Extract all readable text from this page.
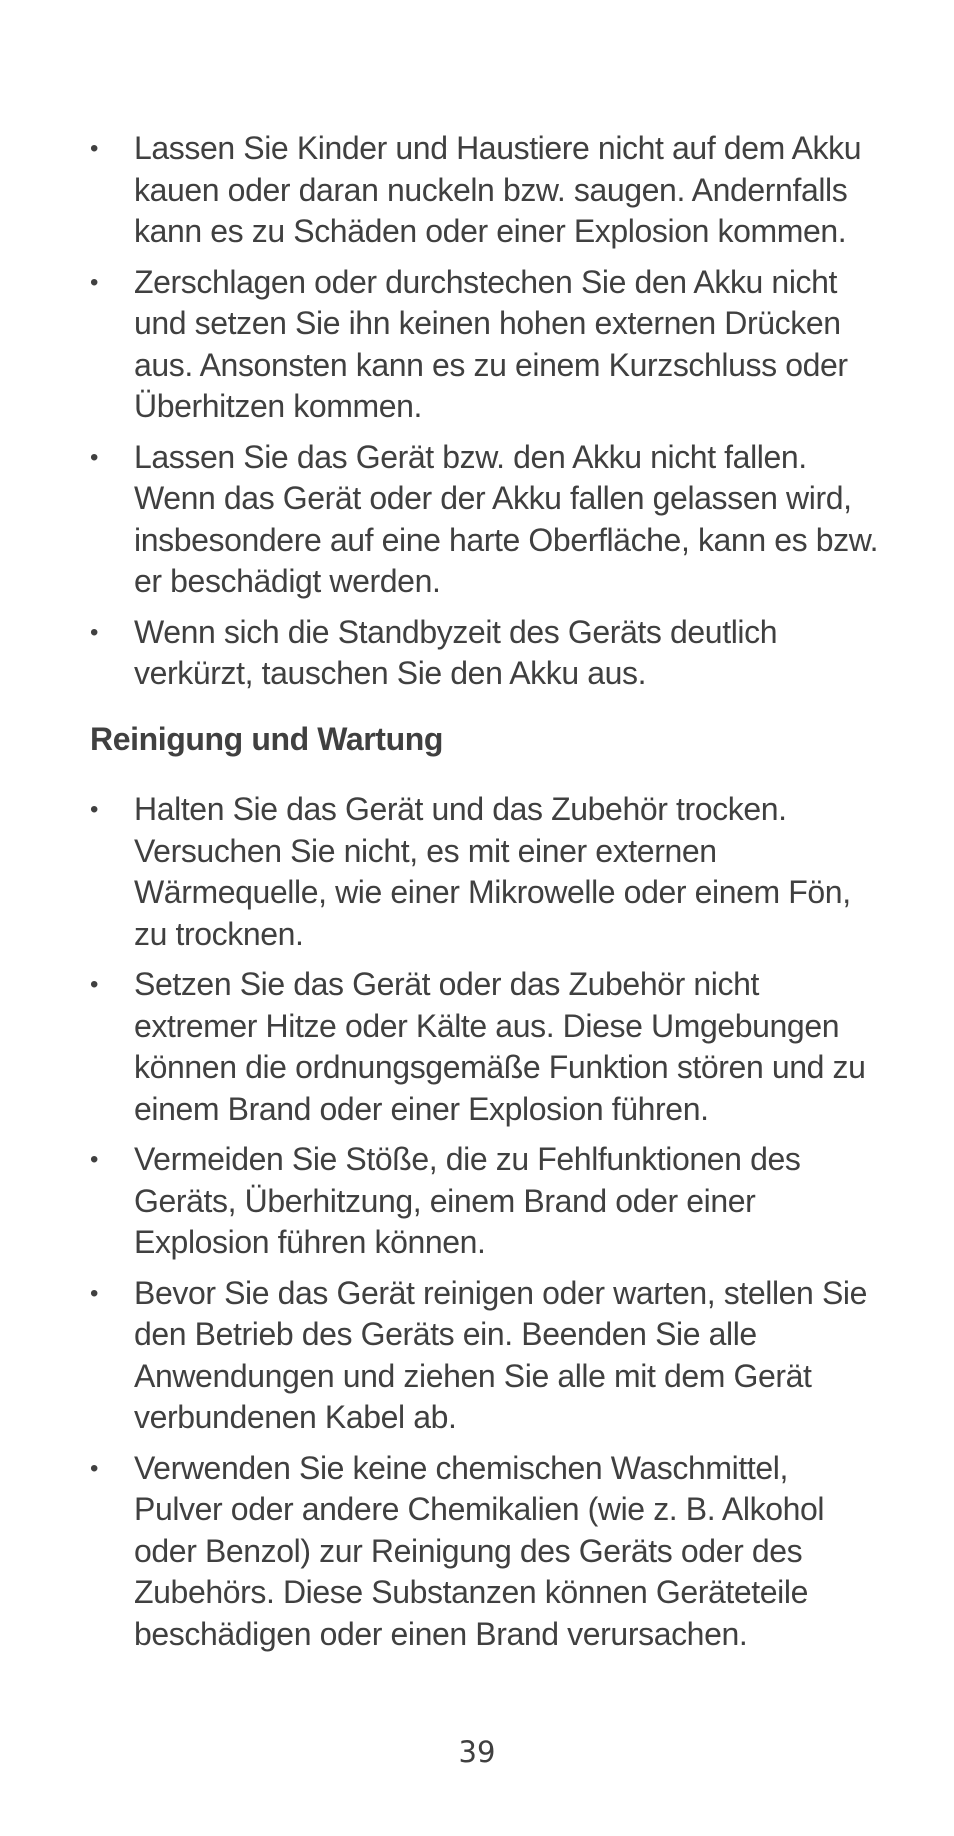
• Lassen Sie Kinder und Haustiere nicht auf dem Akku kauen oder daran nuckeln bzw. saugen. Andernfalls kann es zu Schäden oder einer Explosion kommen.
• Zerschlagen oder durchstechen Sie den Akku nicht und setzen Sie ihn keinen hohen externen Drücken aus. Ansonsten kann es zu einem Kurzschluss oder Überhitzen kommen.
• Lassen Sie das Gerät bzw. den Akku nicht fallen. Wenn das Gerät oder der Akku fallen gelassen wird, insbesondere auf eine harte Oberfläche, kann es bzw. er beschädigt werden.
• Wenn sich die Standbyzeit des Geräts deutlich verkürzt, tauschen Sie den Akku aus.
Reinigung und Wartung
• Halten Sie das Gerät und das Zubehör trocken. Versuchen Sie nicht, es mit einer externen Wärmequelle, wie einer Mikrowelle oder einem Fön, zu trocknen.
• Setzen Sie das Gerät oder das Zubehör nicht extremer Hitze oder Kälte aus. Diese Umgebungen können die ordnungsgemäße Funktion stören und zu einem Brand oder einer Explosion führen.
• Vermeiden Sie Stöße, die zu Fehlfunktionen des Geräts, Überhitzung, einem Brand oder einer Explosion führen können.
• Bevor Sie das Gerät reinigen oder warten, stellen Sie den Betrieb des Geräts ein. Beenden Sie alle Anwendungen und ziehen Sie alle mit dem Gerät verbundenen Kabel ab.
• Verwenden Sie keine chemischen Waschmittel, Pulver oder andere Chemikalien (wie z. B. Alkohol oder Benzol) zur Reinigung des Geräts oder des Zubehörs. Diese Substanzen können Geräteteile beschädigen oder einen Brand verursachen.
39
